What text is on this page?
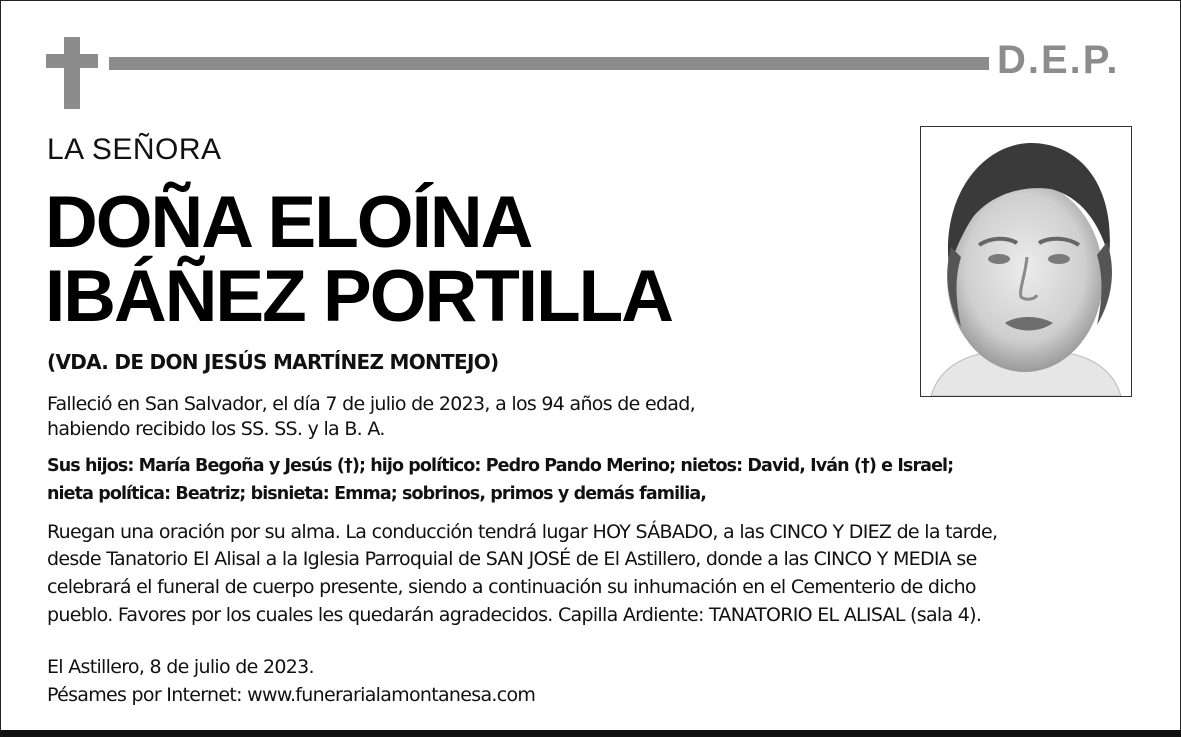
D.E.P.
LA SEÑORA
DOÑA ELOÍNA
IBÁÑEZ PORTILLA
(VDA. DE DON JESÚS MARTÍNEZ MONTEJO)
Falleció en San Salvador, el día 7 de julio de 2023, a los 94 años de edad,
habiendo recibido los SS. SS. y la B. A.
Sus hijos: María Begoña y Jesús (†); hijo político: Pedro Pando Merino; nietos: David, Iván (†) e Israel;
nieta política: Beatriz; bisnieta: Emma; sobrinos, primos y demás familia,
Ruegan una oración por su alma. La conducción tendrá lugar HOY SÁBADO, a las CINCO Y DIEZ de la tarde,
desde Tanatorio El Alisal a la Iglesia Parroquial de SAN JOSÉ de El Astillero, donde a las CINCO Y MEDIA se
celebrará el funeral de cuerpo presente, siendo a continuación su inhumación en el Cementerio de dicho
pueblo. Favores por los cuales les quedarán agradecidos. Capilla Ardiente: TANATORIO EL ALISAL (sala 4).
El Astillero, 8 de julio de 2023.
Pésames por Internet: www.funerarialamontanesa.com
